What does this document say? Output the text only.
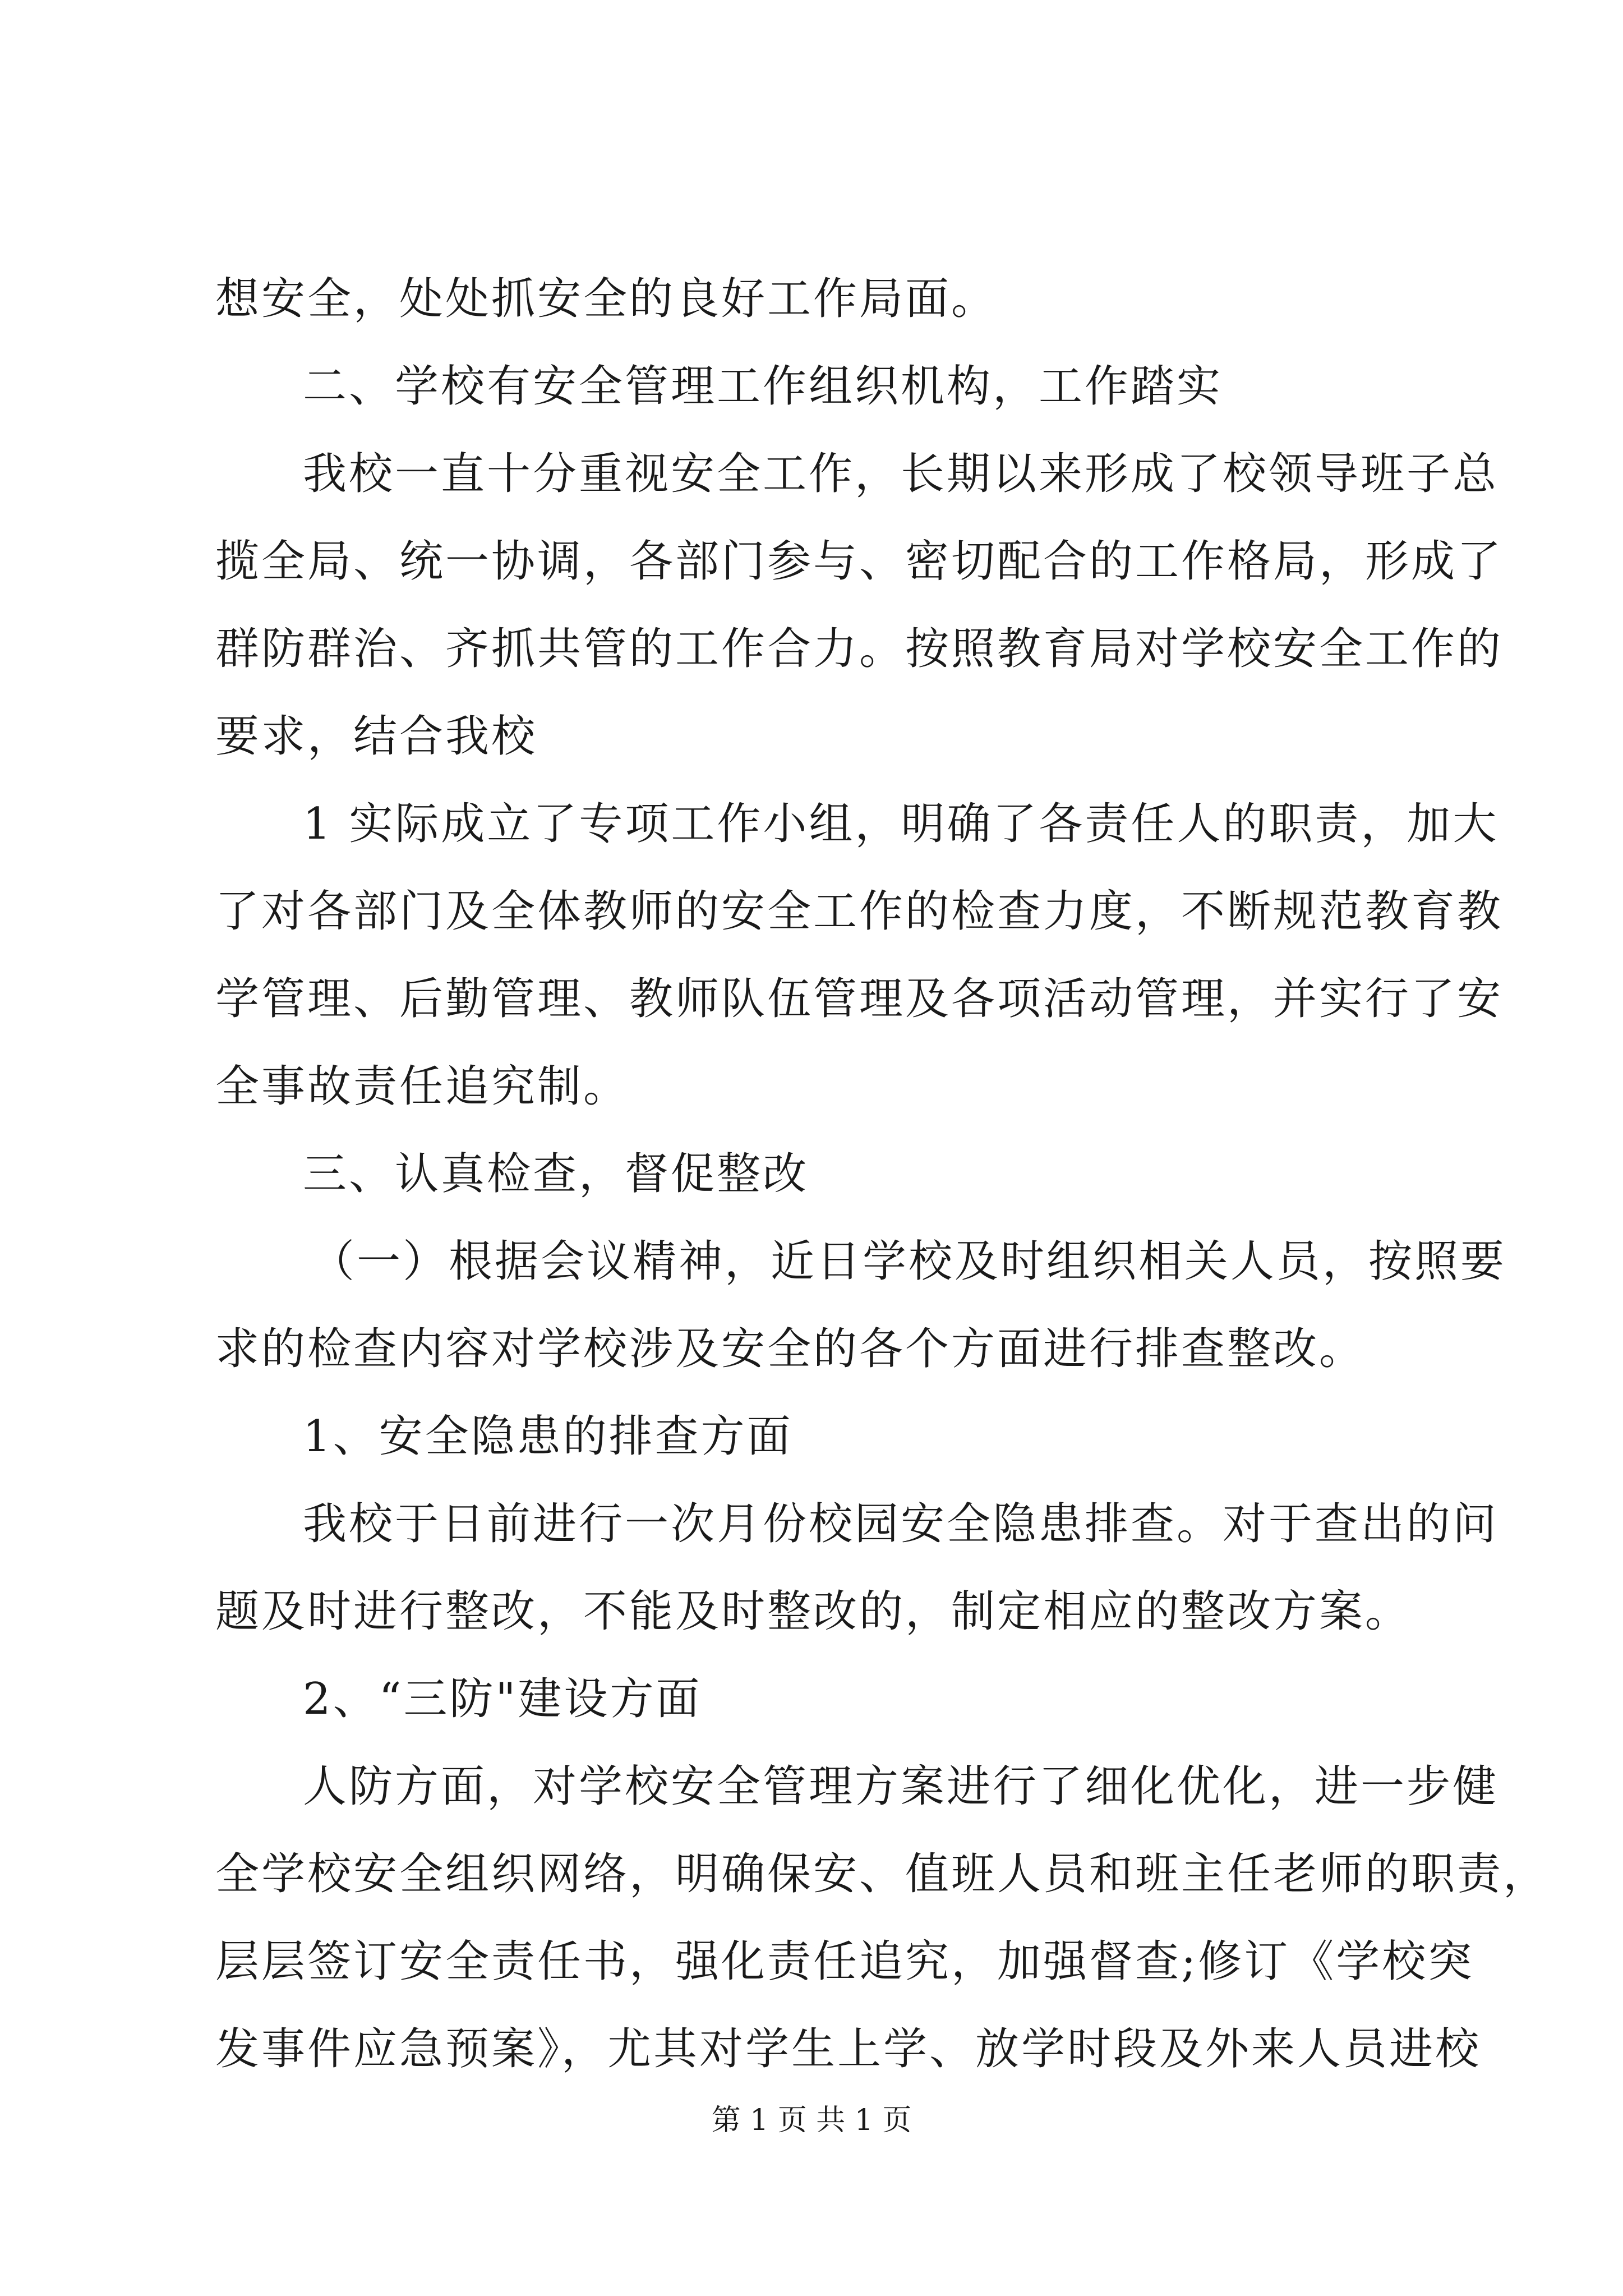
想安全，处处抓安全的良好工作局面。
二、学校有安全管理工作组织机构，工作踏实
我校一直十分重视安全工作，长期以来形成了校领导班子总
揽全局、统一协调，各部门参与、密切配合的工作格局，形成了
群防群治、齐抓共管的工作合力。按照教育局对学校安全工作的
要求，结合我校
1 实际成立了专项工作小组，明确了各责任人的职责，加大
了对各部门及全体教师的安全工作的检查力度，不断规范教育教
学管理、后勤管理、教师队伍管理及各项活动管理，并实行了安
全事故责任追究制。
三、认真检查，督促整改
（一）根据会议精神，近日学校及时组织相关人员，按照要
求的检查内容对学校涉及安全的各个方面进行排查整改。
1、安全隐患的排查方面
我校于日前进行一次月份校园安全隐患排查。对于查出的问
题及时进行整改，不能及时整改的，制定相应的整改方案。
2、“三防"建设方面
人防方面，对学校安全管理方案进行了细化优化，进一步健
全学校安全组织网络，明确保安、值班人员和班主任老师的职责，
层层签订安全责任书，强化责任追究，加强督查;修订《学校突
发事件应急预案》，尤其对学生上学、放学时段及外来人员进校
第 1 页 共 1 页
